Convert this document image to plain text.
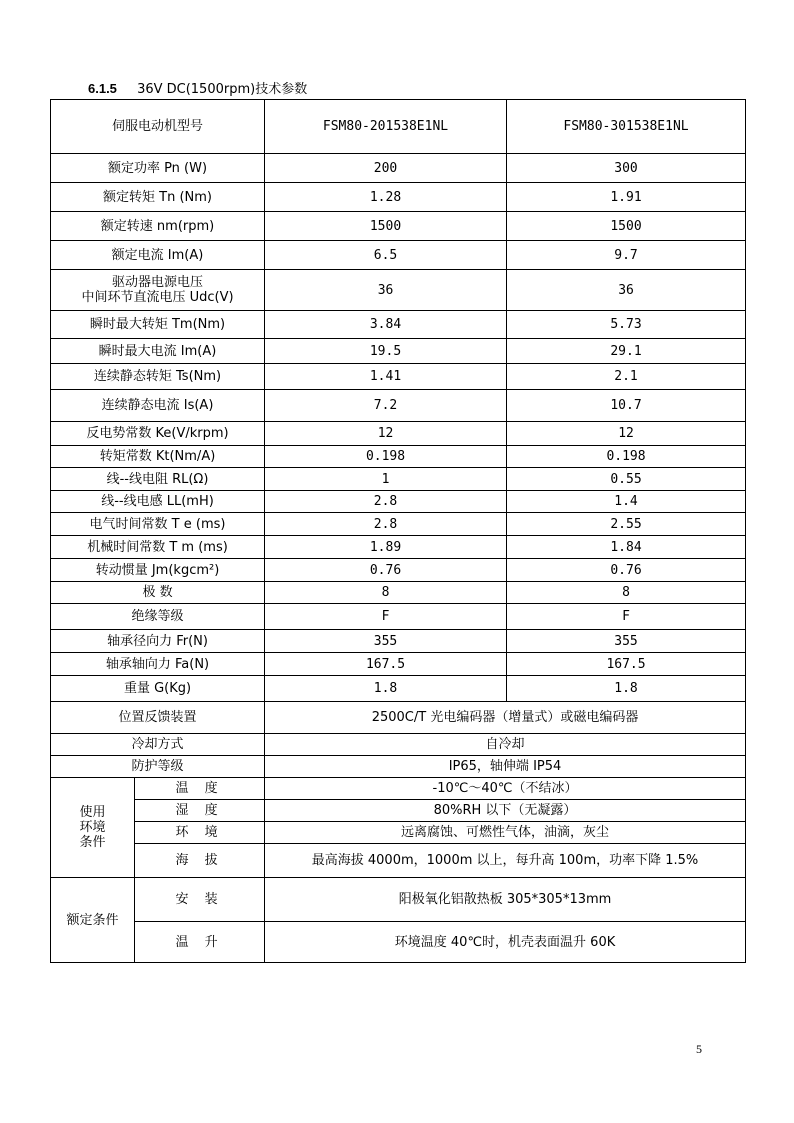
6.1.5 36V DC(1500rpm)技术参数
伺服电动机型号		FSM80-201538E1NL	FSM80-301538E1NL
额定功率 Pn (W)		200	300
额定转矩 Tn (Nm)		1.28	1.91
额定转速 nm(rpm)		1500	1500
额定电流 Im(A)		6.5	9.7
驱动器电源电压
中间环节直流电压 Udc(V)		36	36
瞬时最大转矩 Tm(Nm)		3.84	5.73
瞬时最大电流 Im(A)		19.5	29.1
连续静态转矩 Ts(Nm)		1.41	2.1
连续静态电流 Is(A)		7.2	10.7
反电势常数 Ke(V/krpm)		12	12
转矩常数 Kt(Nm/A)		0.198	0.198
线--线电阻 RL(Ω)		1	0.55
线--线电感 LL(mH)		2.8	1.4
电气时间常数 T e (ms)		2.8	2.55
机械时间常数 T m (ms)		1.89	1.84
转动惯量 Jm(kgcm²)		0.76	0.76
极 数		8	8
绝缘等级		F	F
轴承径向力 Fr(N)		355	355
轴承轴向力 Fa(N)		167.5	167.5
重量 G(Kg)		1.8	1.8
位置反馈装置		2500C/T 光电编码器（增量式）或磁电编码器	
冷却方式		自冷却	
防护等级		IP65，轴伸端 IP54	
使用
环境
条件	温 度	-10℃～40℃（不结冰）	
	湿 度	80%RH 以下（无凝露）	
	环 境	远离腐蚀、可燃性气体，油滴，灰尘	
	海 拔	最高海拔 4000m，1000m 以上，每升高 100m，功率下降 1.5%	
额定条件	安 装	阳极氧化铝散热板 305*305*13mm	
	温 升	环境温度 40℃时，机壳表面温升 60K	
5
